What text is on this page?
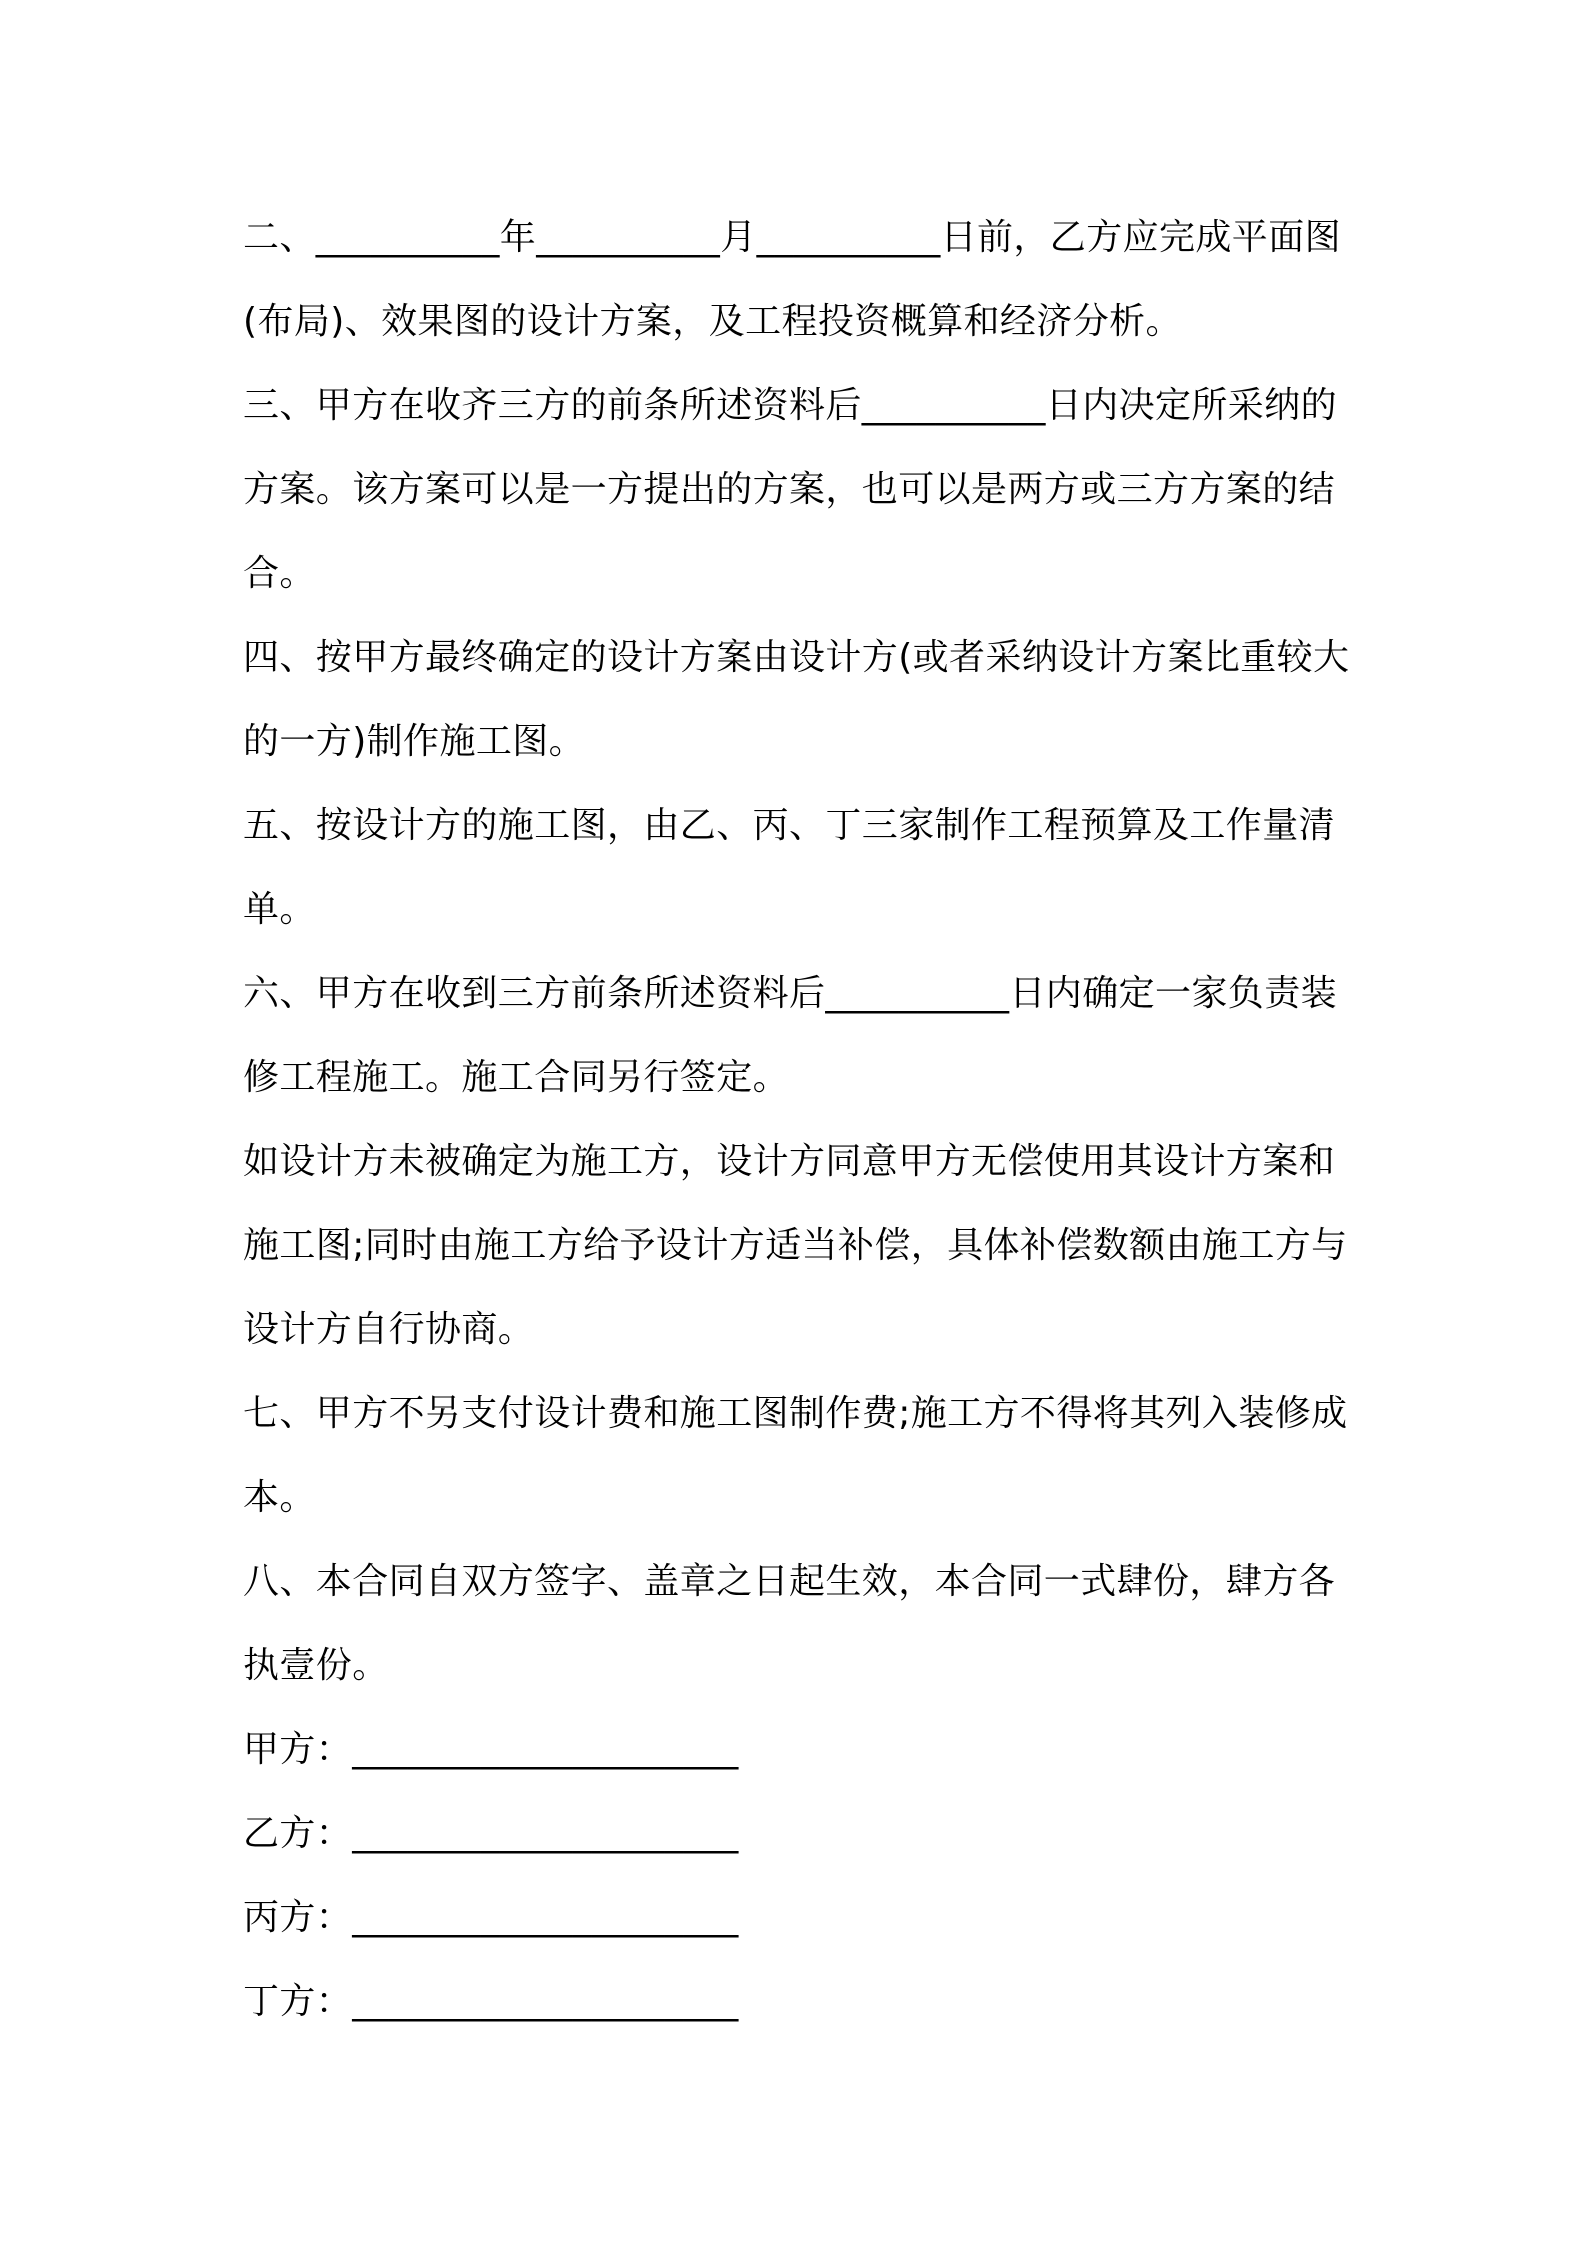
二、__________年__________月__________日前，乙方应完成平面图(布局)、效果图的设计方案，及工程投资概算和经济分析。

三、甲方在收齐三方的前条所述资料后__________日内决定所采纳的方案。该方案可以是一方提出的方案，也可以是两方或三方方案的结合。

四、按甲方最终确定的设计方案由设计方(或者采纳设计方案比重较大的一方)制作施工图。

五、按设计方的施工图，由乙、丙、丁三家制作工程预算及工作量清单。

六、甲方在收到三方前条所述资料后__________日内确定一家负责装修工程施工。施工合同另行签定。

如设计方未被确定为施工方，设计方同意甲方无偿使用其设计方案和施工图;同时由施工方给予设计方适当补偿，具体补偿数额由施工方与设计方自行协商。

七、甲方不另支付设计费和施工图制作费;施工方不得将其列入装修成本。

八、本合同自双方签字、盖章之日起生效，本合同一式肆份，肆方各执壹份。

甲方：_____________________

乙方：_____________________

丙方：_____________________

丁方：_____________________
